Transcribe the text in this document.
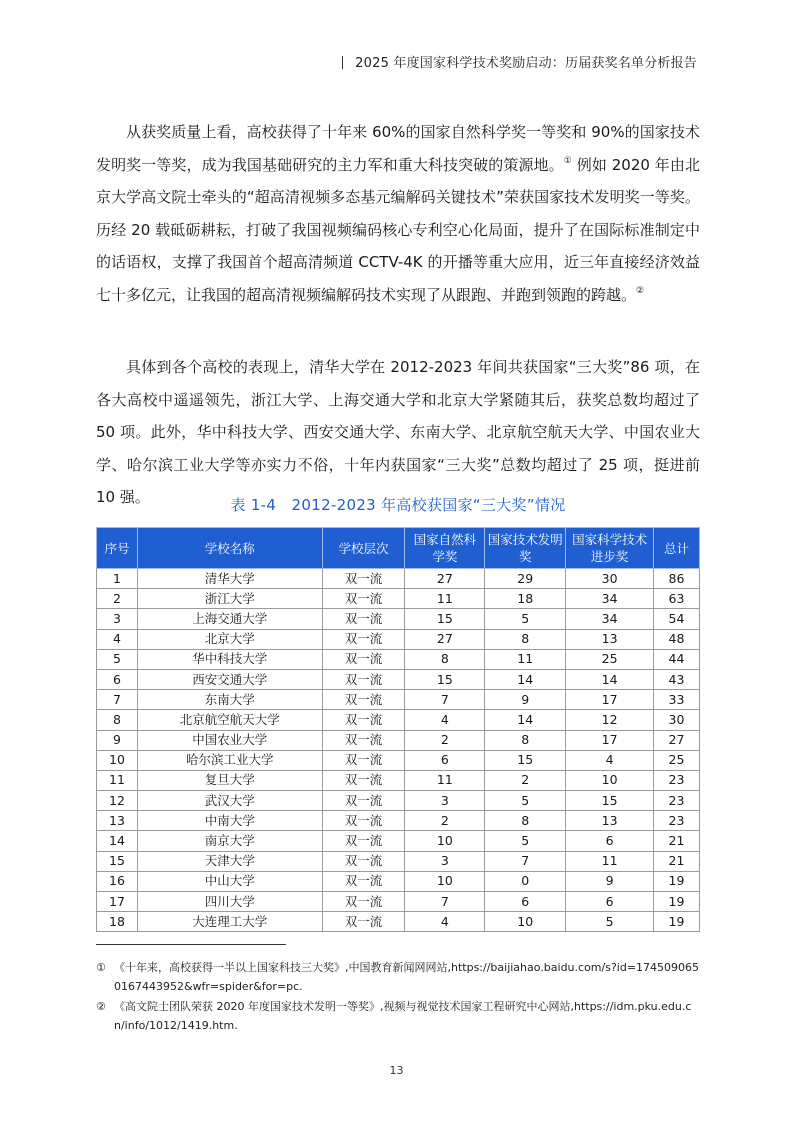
2025 年度国家科学技术奖励启动：历届获奖名单分析报告

从获奖质量上看，高校获得了十年来 60%的国家自然科学奖一等奖和 90%的国家技术发明奖一等奖，成为我国基础研究的主力军和重大科技突破的策源地。① 例如 2020 年由北京大学高文院士牵头的“超高清视频多态基元编解码关键技术”荣获国家技术发明奖一等奖。历经 20 载砥砺耕耘，打破了我国视频编码核心专利空心化局面，提升了在国际标准制定中的话语权，支撑了我国首个超高清频道 CCTV-4K 的开播等重大应用，近三年直接经济效益七十多亿元，让我国的超高清视频编解码技术实现了从跟跑、并跑到领跑的跨越。②

具体到各个高校的表现上，清华大学在 2012-2023 年间共获国家“三大奖”86 项，在各大高校中遥遥领先，浙江大学、上海交通大学和北京大学紧随其后，获奖总数均超过了 50 项。此外，华中科技大学、西安交通大学、东南大学、北京航空航天大学、中国农业大学、哈尔滨工业大学等亦实力不俗，十年内获国家“三大奖”总数均超过了 25 项，挺进前 10 强。	表 1-4　2012-2023 年高校获国家“三大奖”情况
序号	学校名称	学校层次	国家自然科学奖	国家技术发明奖	国家科学技术进步奖	总计
1	清华大学	双一流	27	29	30	86
2	浙江大学	双一流	11	18	34	63
3	上海交通大学	双一流	15	5	34	54
4	北京大学	双一流	27	8	13	48
5	华中科技大学	双一流	8	11	25	44
6	西安交通大学	双一流	15	14	14	43
7	东南大学	双一流	7	9	17	33
8	北京航空航天大学	双一流	4	14	12	30
9	中国农业大学	双一流	2	8	17	27
10	哈尔滨工业大学	双一流	6	15	4	25
11	复旦大学	双一流	11	2	10	23
12	武汉大学	双一流	3	5	15	23
13	中南大学	双一流	2	8	13	23
14	南京大学	双一流	10	5	6	21
15	天津大学	双一流	3	7	11	21
16	中山大学	双一流	10	0	9	19
17	四川大学	双一流	7	6	6	19
18	大连理工大学	双一流	4	10	5	19
① 《十年来，高校获得一半以上国家科技三大奖》,中国教育新闻网网站,https://baijiahao.baidu.com/s?id=1745090650167443952&wfr=spider&for=pc.
② 《高文院士团队荣获 2020 年度国家技术发明一等奖》,视频与视觉技术国家工程研究中心网站,https://idm.pku.edu.cn/info/1012/1419.htm.
13
